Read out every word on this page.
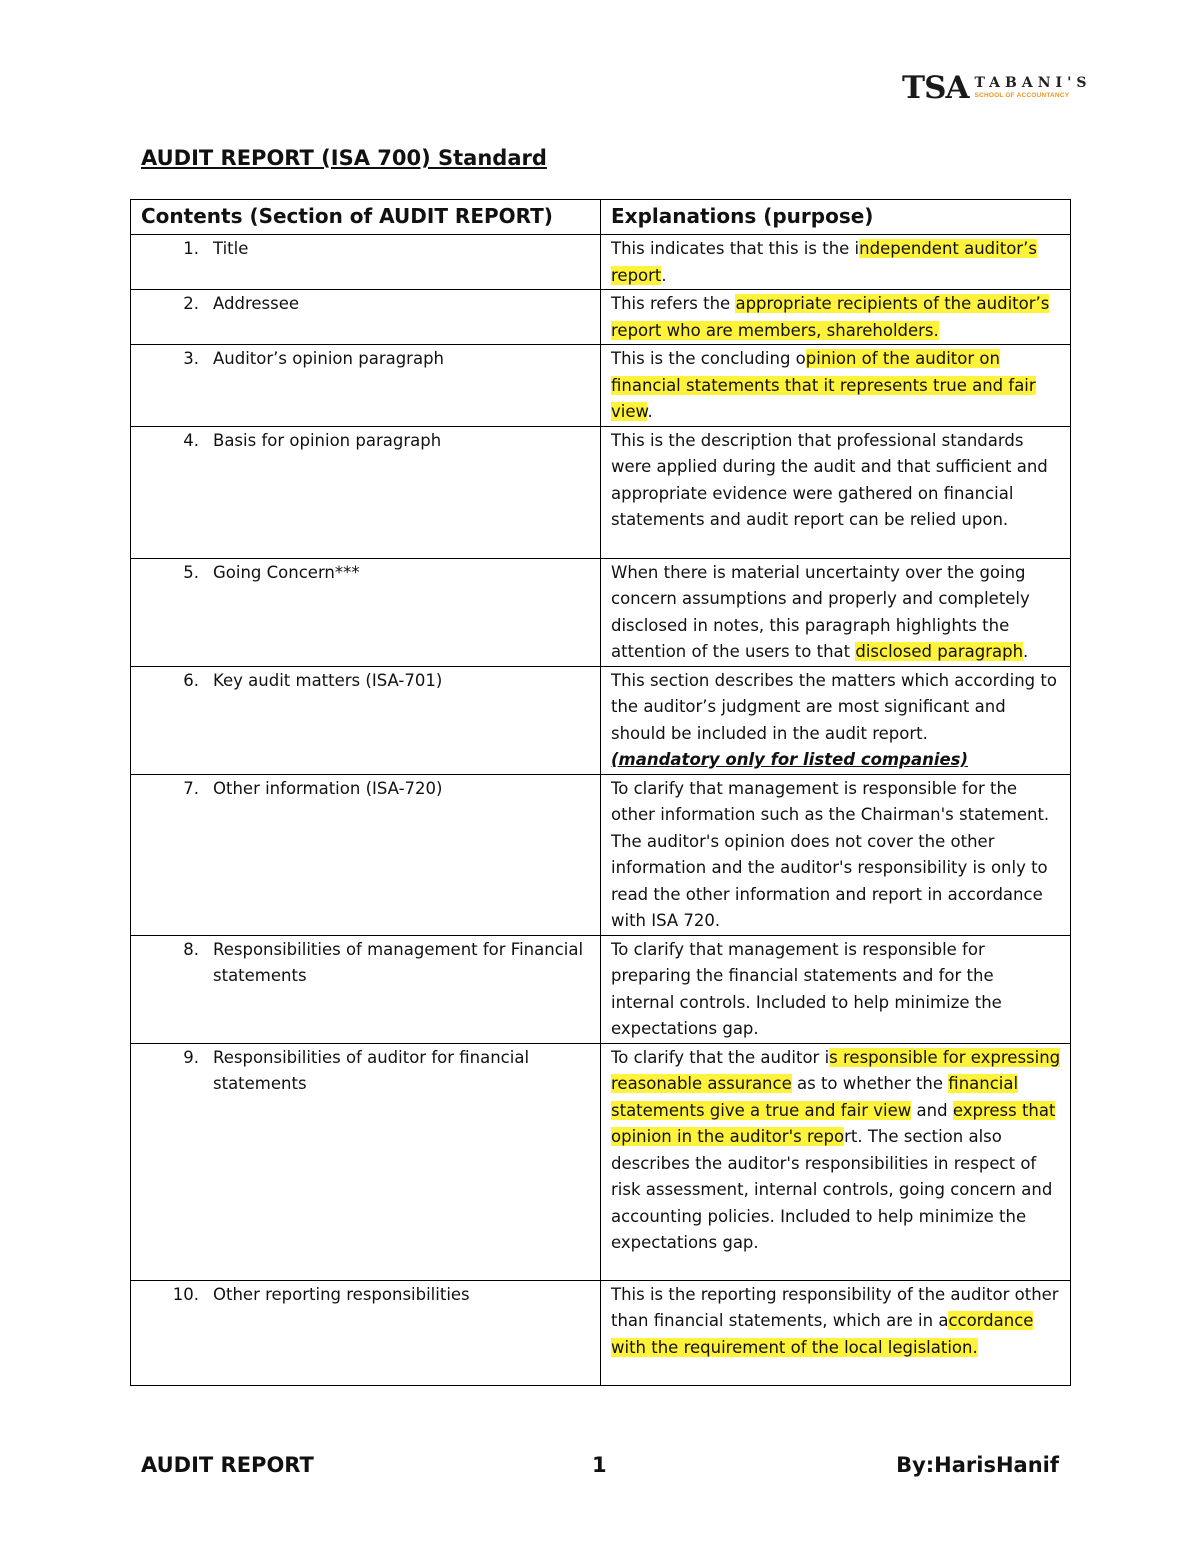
TSA TABANI'S
SCHOOL OF ACCOUNTANCY
AUDIT REPORT (ISA 700) Standard
Contents (Section of AUDIT REPORT)	Explanations (purpose)

1. Title	This indicates that this is the independent auditor’s report.

2. Addressee	This refers the appropriate recipients of the auditor’s report who are members, shareholders.

3. Auditor’s opinion paragraph	This is the concluding opinion of the auditor on financial statements that it represents true and fair view.

4. Basis for opinion paragraph	This is the description that professional standards were applied during the audit and that sufficient and appropriate evidence were gathered on financial statements and audit report can be relied upon.

5. Going Concern***	When there is material uncertainty over the going concern assumptions and properly and completely disclosed in notes, this paragraph highlights the attention of the users to that disclosed paragraph.

6. Key audit matters (ISA-701)	This section describes the matters which according to the auditor’s judgment are most significant and should be included in the audit report.
(mandatory only for listed companies)

7. Other information (ISA-720)	To clarify that management is responsible for the other information such as the Chairman's statement. The auditor's opinion does not cover the other information and the auditor's responsibility is only to read the other information and report in accordance with ISA 720.

8. Responsibilities of management for Financial statements	To clarify that management is responsible for preparing the financial statements and for the internal controls. Included to help minimize the expectations gap.

9. Responsibilities of auditor for financial statements	To clarify that the auditor is responsible for expressing reasonable assurance as to whether the financial statements give a true and fair view and express that opinion in the auditor's report. The section also describes the auditor's responsibilities in respect of risk assessment, internal controls, going concern and accounting policies. Included to help minimize the expectations gap.

10. Other reporting responsibilities	This is the reporting responsibility of the auditor other than financial statements, which are in accordance with the requirement of the local legislation.
AUDIT REPORT	1	By:HarisHanif
